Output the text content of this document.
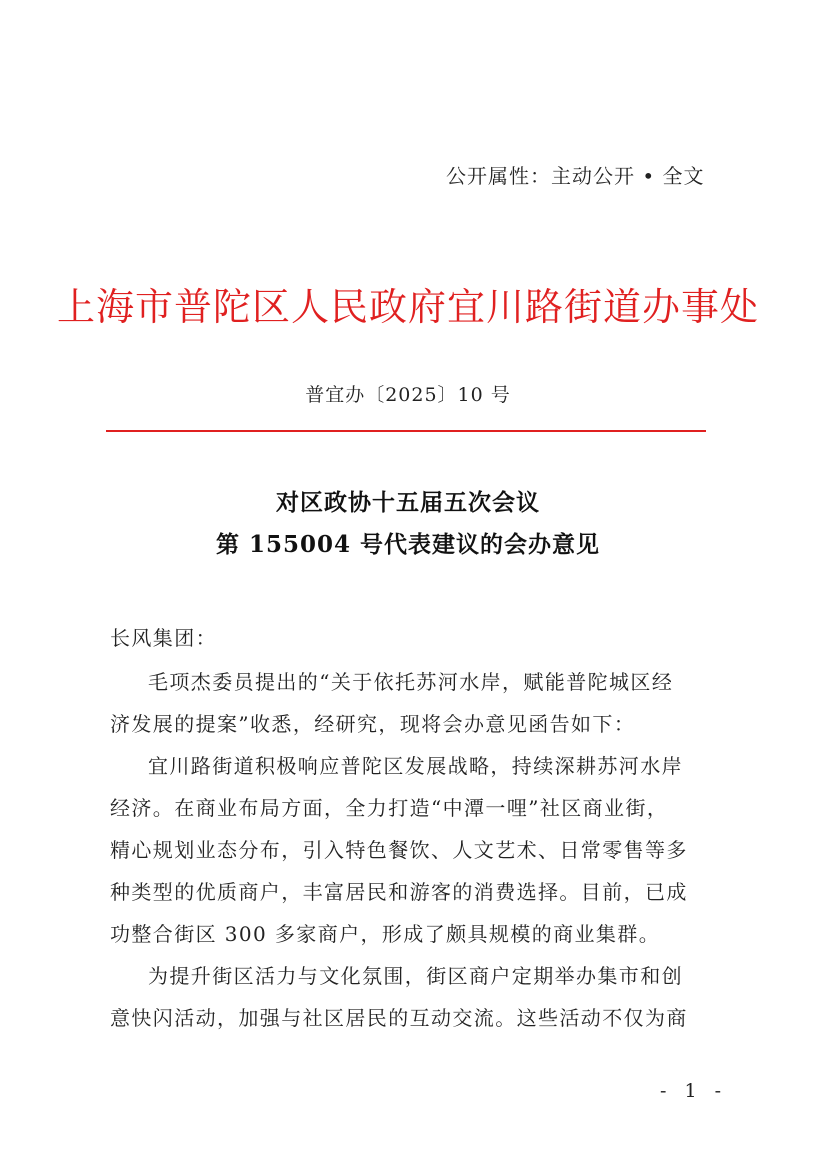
公开属性：主动公开 • 全文
上海市普陀区人民政府宜川路街道办事处
普宜办〔2025〕10 号
对区政协十五届五次会议
第 155004 号代表建议的会办意见
长风集团：
毛项杰委员提出的“关于依托苏河水岸，赋能普陀城区经
济发展的提案”收悉，经研究，现将会办意见函告如下：
宜川路街道积极响应普陀区发展战略，持续深耕苏河水岸
经济。在商业布局方面，全力打造“中潭一哩”社区商业街，
精心规划业态分布，引入特色餐饮、人文艺术、日常零售等多
种类型的优质商户，丰富居民和游客的消费选择。目前，已成
功整合街区 300 多家商户，形成了颇具规模的商业集群。
为提升街区活力与文化氛围，街区商户定期举办集市和创
意快闪活动，加强与社区居民的互动交流。这些活动不仅为商
- 1 -
